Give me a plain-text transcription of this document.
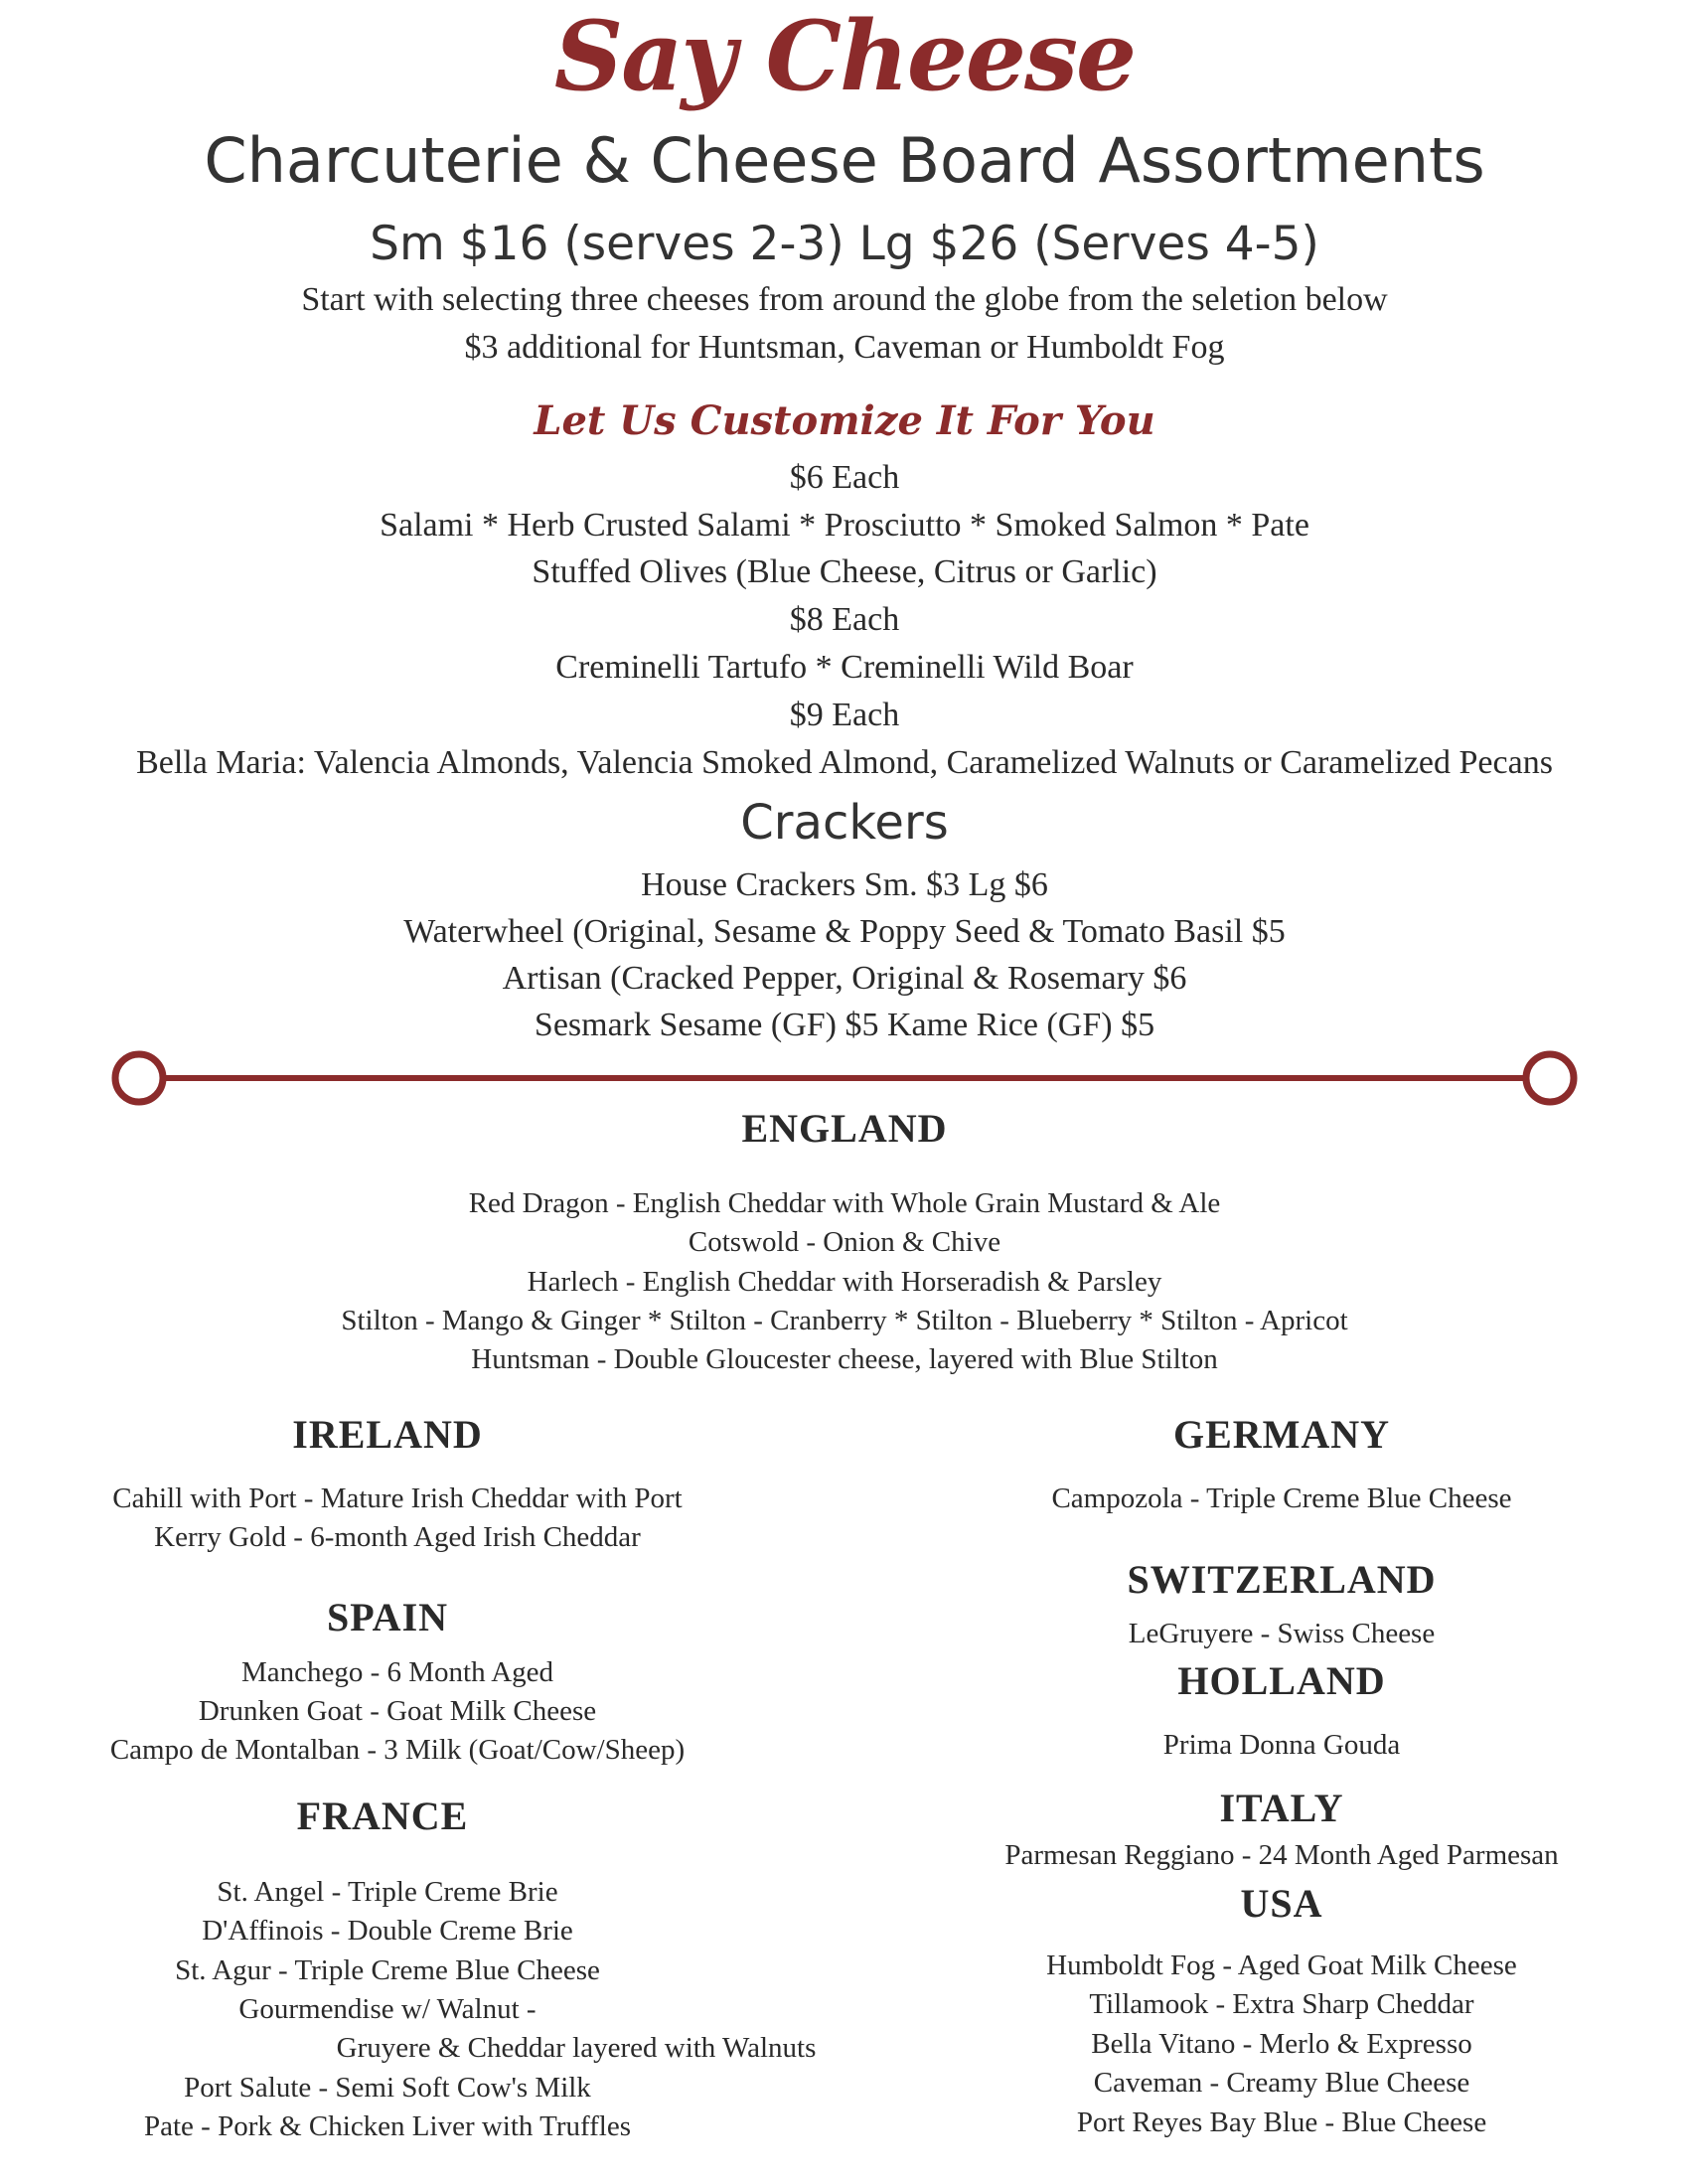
Say Cheese
Charcuterie & Cheese Board Assortments
Sm $16 (serves 2-3) Lg $26 (Serves 4-5)
Start with selecting three cheeses from around the globe from the seletion below
$3 additional for Huntsman, Caveman or Humboldt Fog
Let Us Customize It For You
$6 Each
Salami * Herb Crusted Salami * Prosciutto * Smoked Salmon * Pate
Stuffed Olives (Blue Cheese, Citrus or Garlic)
$8 Each
Creminelli Tartufo * Creminelli Wild Boar
$9 Each
Bella Maria: Valencia Almonds, Valencia Smoked Almond, Caramelized Walnuts or Caramelized Pecans
Crackers
House Crackers Sm. $3 Lg $6
Waterwheel (Original, Sesame & Poppy Seed & Tomato Basil $5
Artisan (Cracked Pepper, Original & Rosemary $6
Sesmark Sesame (GF) $5 Kame Rice (GF) $5
ENGLAND
Red Dragon - English Cheddar with Whole Grain Mustard & Ale
Cotswold - Onion & Chive
Harlech - English Cheddar with Horseradish & Parsley
Stilton - Mango & Ginger * Stilton - Cranberry * Stilton - Blueberry * Stilton - Apricot
Huntsman - Double Gloucester cheese, layered with Blue Stilton
IRELAND
Cahill with Port - Mature Irish Cheddar with Port
Kerry Gold - 6-month Aged Irish Cheddar
SPAIN
Manchego - 6 Month Aged
Drunken Goat - Goat Milk Cheese
Campo de Montalban - 3 Milk (Goat/Cow/Sheep)
FRANCE
St. Angel - Triple Creme Brie
D'Affinois - Double Creme Brie
St. Agur - Triple Creme Blue Cheese
Gourmendise w/ Walnut -
Gruyere & Cheddar layered with Walnuts
Port Salute - Semi Soft Cow's Milk
Pate - Pork & Chicken Liver with Truffles
GERMANY
Campozola - Triple Creme Blue Cheese
SWITZERLAND
LeGruyere - Swiss Cheese
HOLLAND
Prima Donna Gouda
ITALY
Parmesan Reggiano - 24 Month Aged Parmesan
USA
Humboldt Fog - Aged Goat Milk Cheese
Tillamook - Extra Sharp Cheddar
Bella Vitano - Merlo & Expresso
Caveman - Creamy Blue Cheese
Port Reyes Bay Blue - Blue Cheese
